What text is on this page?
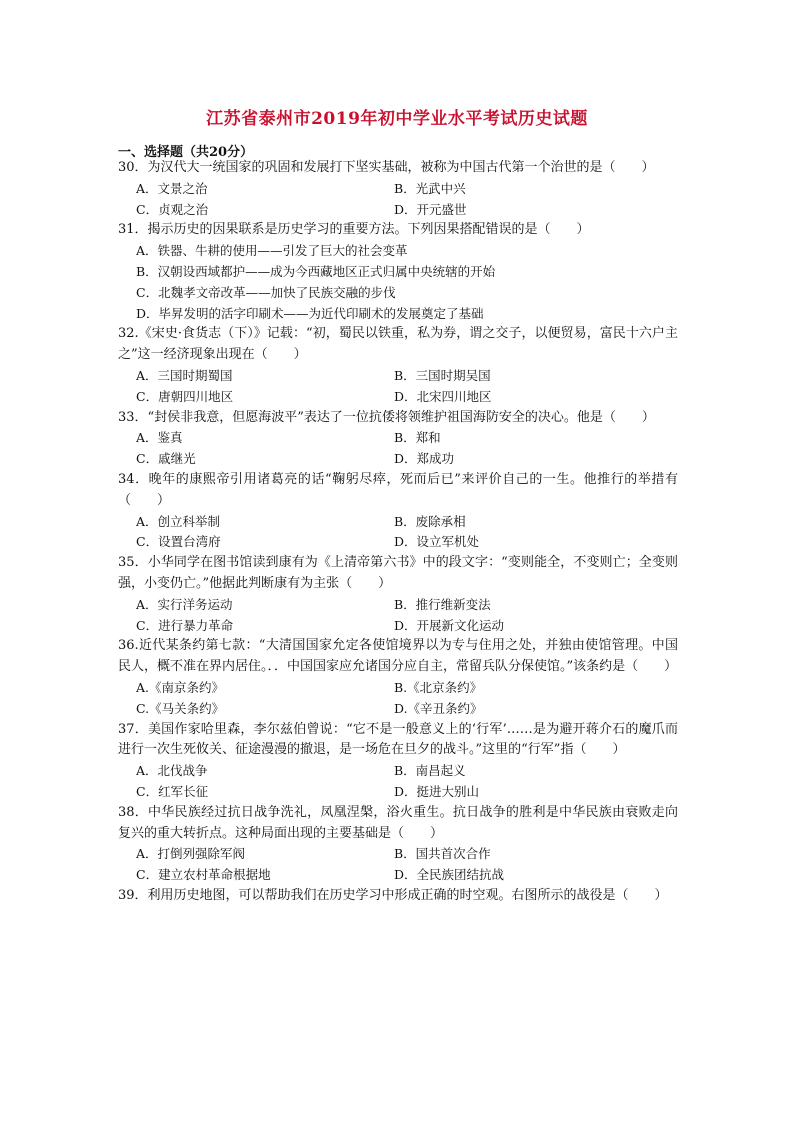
江苏省泰州市2019年初中学业水平考试历史试题
一、选择题（共20分）
30．为汉代大一统国家的巩固和发展打下坚实基础，被称为中国古代第一个治世的是（　　）
A．文景之治	B．光武中兴
C．贞观之治	D．开元盛世
31．揭示历史的因果联系是历史学习的重要方法。下列因果搭配错误的是（　　）
A．铁器、牛耕的使用——引发了巨大的社会变革
B．汉朝设西域都护——成为今西藏地区正式归属中央统辖的开始
C．北魏孝文帝改革——加快了民族交融的步伐
D．毕昇发明的活字印刷术——为近代印刷术的发展奠定了基础
32.《宋史·食货志（下）》记载：“初，蜀民以铁重，私为券，谓之交子，以便贸易，富民十六户主之”这一经济现象出现在（　　）
A．三国时期蜀国	B．三国时期吴国
C．唐朝四川地区	D．北宋四川地区
33．“封侯非我意，但愿海波平”表达了一位抗倭将领维护祖国海防安全的决心。他是（　　）
A．鉴真	B．郑和
C．戚继光	D．郑成功
34．晚年的康熙帝引用诸葛亮的话“鞠躬尽瘁，死而后已”来评价自己的一生。他推行的举措有（　　）
A．创立科举制	B．废除承相
C．设置台湾府	D．设立军机处
35．小华同学在图书馆读到康有为《上清帝第六书》中的段文字：“变则能全，不变则亡；全变则强，小变仍亡。”他据此判断康有为主张（　　）
A．实行洋务运动	B．推行维新变法
C．进行暴力革命	D．开展新文化运动
36.近代某条约第七款：“大清国国家允定各使馆境界以为专与住用之处，并独由使馆管理。中国民人，概不准在界内居住。．．中国国家应允诸国分应自主，常留兵队分保使馆。”该条约是（　　）
A.《南京条约》	B.《北京条约》
C.《马关条约》	D.《辛丑条约》
37．美国作家哈里森，李尔兹伯曾说：“它不是一般意义上的‘行军’……是为避开蒋介石的魔爪而进行一次生死攸关、征途漫漫的撤退，是一场危在旦夕的战斗。”这里的“行军”指（　　）
A．北伐战争	B．南昌起义
C．红军长征	D．挺进大别山
38．中华民族经过抗日战争洗礼，凤凰涅槃，浴火重生。抗日战争的胜利是中华民族由衰败走向复兴的重大转折点。这种局面出现的主要基础是（　　）
A．打倒列强除军阀	B．国共首次合作
C．建立农村革命根据地	D．全民族团结抗战
39．利用历史地图，可以帮助我们在历史学习中形成正确的时空观。右图所示的战役是（　　）
